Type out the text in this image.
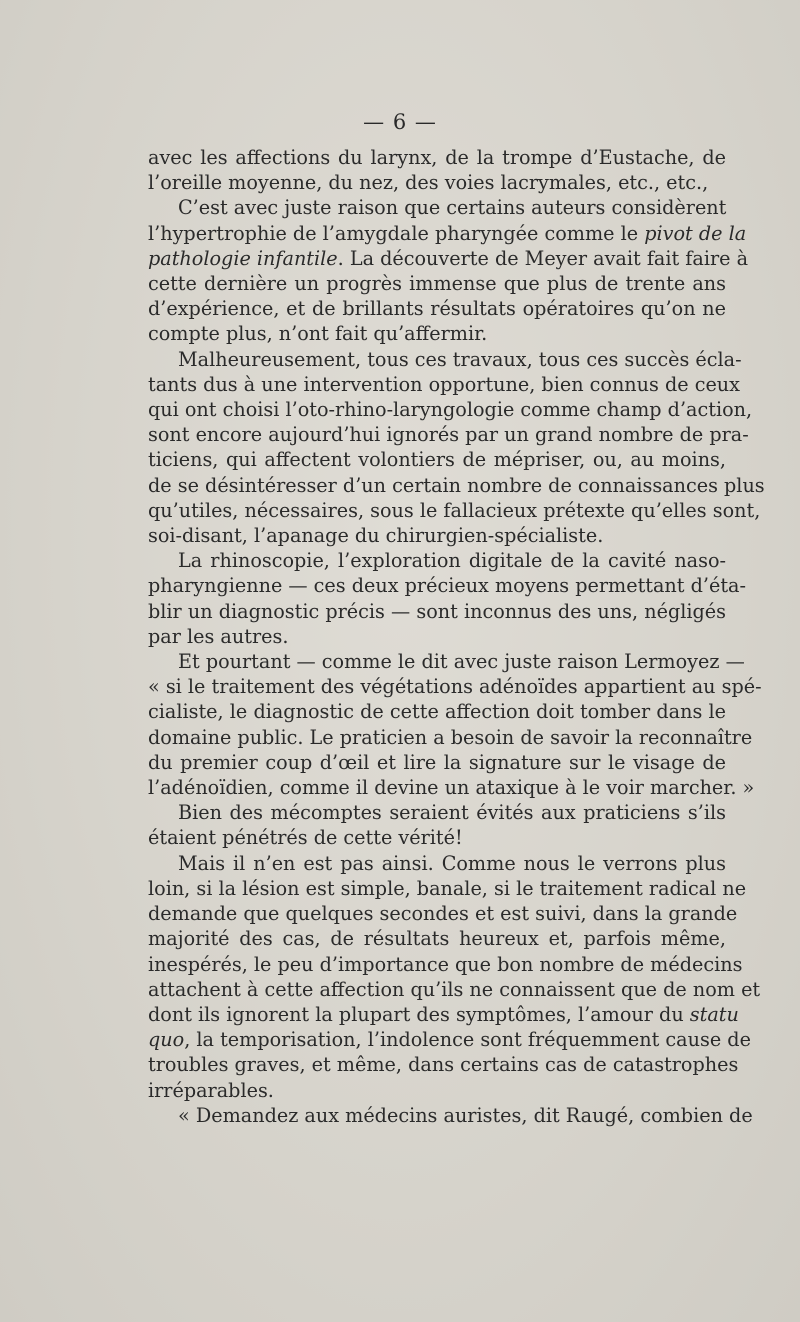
— 6 —

avec les affections du larynx, de la trompe d’Eustache, de
l’oreille moyenne, du nez, des voies lacrymales, etc., etc.,

C’est avec juste raison que certains auteurs considèrent
l’hypertrophie de l’amygdale pharyngée comme le pivot de la
pathologie infantile. La découverte de Meyer avait fait faire à
cette dernière un progrès immense que plus de trente ans
d’expérience, et de brillants résultats opératoires qu’on ne
compte plus, n’ont fait qu’affermir.

Malheureusement, tous ces travaux, tous ces succès écla-
tants dus à une intervention opportune, bien connus de ceux
qui ont choisi l’oto-rhino-laryngologie comme champ d’action,
sont encore aujourd’hui ignorés par un grand nombre de pra-
ticiens, qui affectent volontiers de mépriser, ou, au moins,
de se désintéresser d’un certain nombre de connaissances plus
qu’utiles, nécessaires, sous le fallacieux prétexte qu’elles sont,
soi-disant, l’apanage du chirurgien-spécialiste.

La rhinoscopie, l’exploration digitale de la cavité naso-
pharyngienne — ces deux précieux moyens permettant d’éta-
blir un diagnostic précis — sont inconnus des uns, négligés
par les autres.

Et pourtant — comme le dit avec juste raison Lermoyez —
« si le traitement des végétations adénoïdes appartient au spé-
cialiste, le diagnostic de cette affection doit tomber dans le
domaine public. Le praticien a besoin de savoir la reconnaître
du premier coup d’œil et lire la signature sur le visage de
l’adénoïdien, comme il devine un ataxique à le voir marcher. »

Bien des mécomptes seraient évités aux praticiens s’ils
étaient pénétrés de cette vérité!

Mais il n’en est pas ainsi. Comme nous le verrons plus
loin, si la lésion est simple, banale, si le traitement radical ne
demande que quelques secondes et est suivi, dans la grande
majorité des cas, de résultats heureux et, parfois même,
inespérés, le peu d’importance que bon nombre de médecins
attachent à cette affection qu’ils ne connaissent que de nom et
dont ils ignorent la plupart des symptômes, l’amour du statu
quo, la temporisation, l’indolence sont fréquemment cause de
troubles graves, et même, dans certains cas de catastrophes
irréparables.

« Demandez aux médecins auristes, dit Raugé, combien de
